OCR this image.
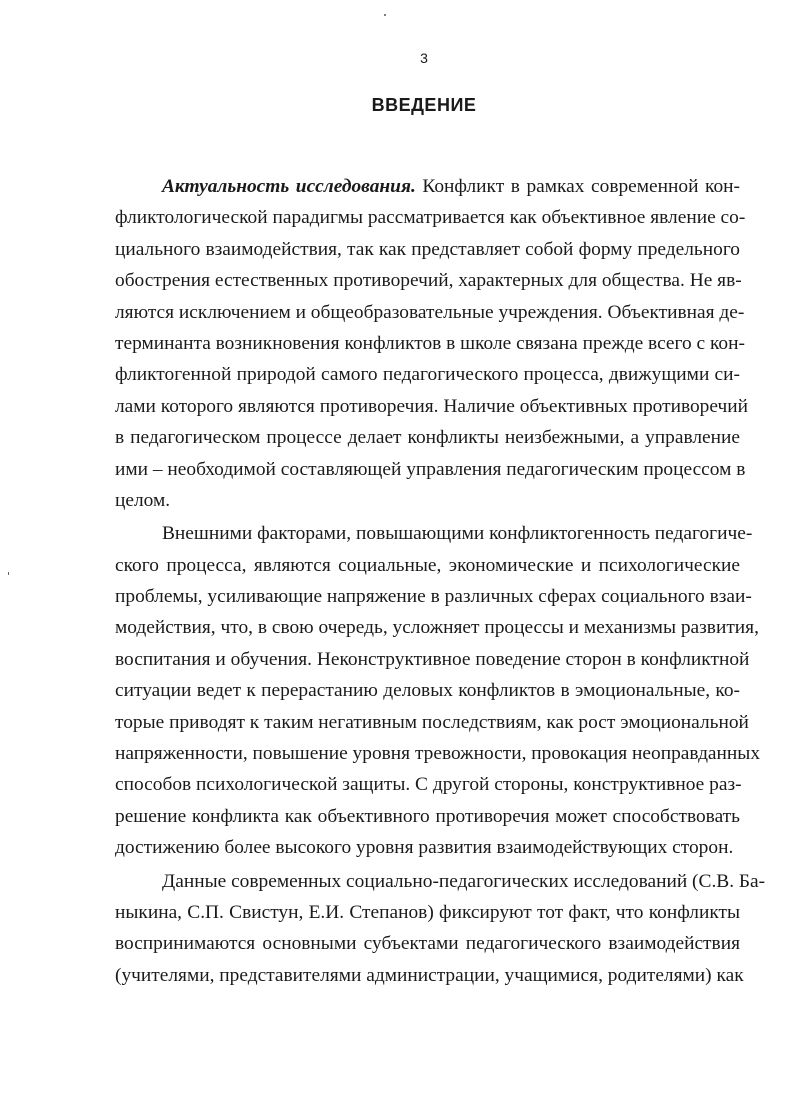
3
ВВЕДЕНИЕ
Актуальность исследования. Конфликт в рамках современной кон-
фликтологической парадигмы рассматривается как объективное явление со-
циального взаимодействия, так как представляет собой форму предельного
обострения естественных противоречий, характерных для общества. Не яв-
ляются исключением и общеобразовательные учреждения. Объективная де-
терминанта возникновения конфликтов в школе связана прежде всего с кон-
фликтогенной природой самого педагогического процесса, движущими си-
лами которого являются противоречия. Наличие объективных противоречий
в педагогическом процессе делает конфликты неизбежными, а управление
ими – необходимой составляющей управления педагогическим процессом в
целом.
Внешними факторами, повышающими конфликтогенность педагогиче-
ского процесса, являются социальные, экономические и психологические
проблемы, усиливающие напряжение в различных сферах социального взаи-
модействия, что, в свою очередь, усложняет процессы и механизмы развития,
воспитания и обучения. Неконструктивное поведение сторон в конфликтной
ситуации ведет к перерастанию деловых конфликтов в эмоциональные, ко-
торые приводят к таким негативным последствиям, как рост эмоциональной
напряженности, повышение уровня тревожности, провокация неоправданных
способов психологической защиты. С другой стороны, конструктивное раз-
решение конфликта как объективного противоречия может способствовать
достижению более высокого уровня развития взаимодействующих сторон.
Данные современных социально-педагогических исследований (С.В. Ба-
ныкина, С.П. Свистун, Е.И. Степанов) фиксируют тот факт, что конфликты
воспринимаются основными субъектами педагогического взаимодействия
(учителями, представителями администрации, учащимися, родителями) как
